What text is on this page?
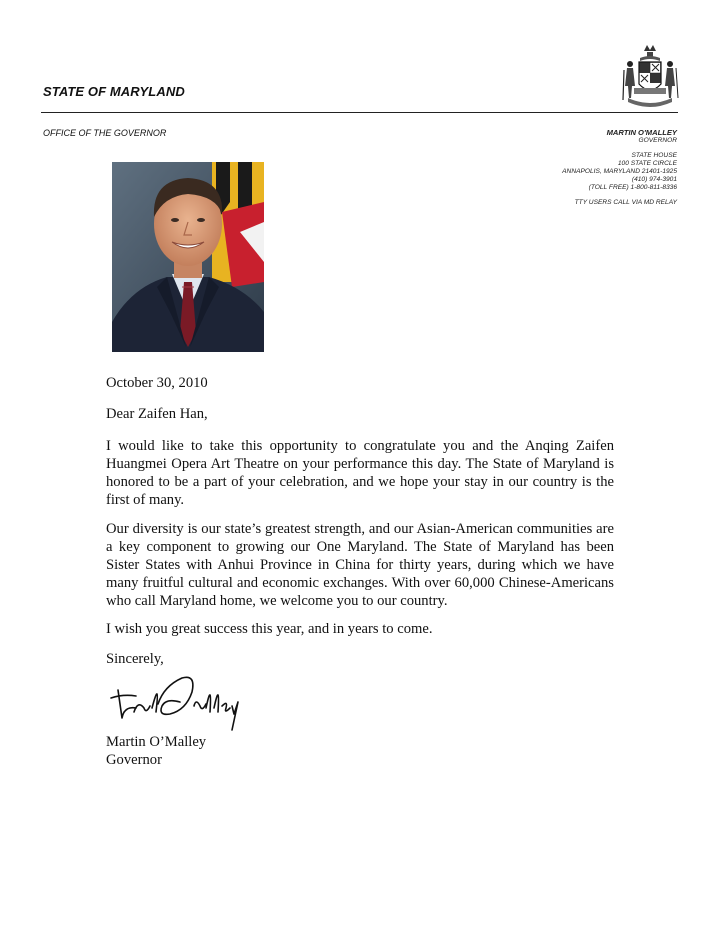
STATE OF MARYLAND
OFFICE OF THE GOVERNOR	MARTIN O'MALLEY
GOVERNOR
STATE HOUSE
100 STATE CIRCLE
ANNAPOLIS, MARYLAND 21401-1925
(410) 974-3901
(TOLL FREE) 1-800-811-8336
TTY USERS CALL VIA MD RELAY
October 30, 2010
Dear Zaifen Han,
I would like to take this opportunity to congratulate you and the Anqing Zaifen Huangmei Opera Art Theatre on your performance this day. The State of Maryland is honored to be a part of your celebration, and we hope your stay in our country is the first of many.
Our diversity is our state’s greatest strength, and our Asian-American communities are a key component to growing our One Maryland. The State of Maryland has been Sister States with Anhui Province in China for thirty years, during which we have many fruitful cultural and economic exchanges. With over 60,000 Chinese-Americans who call Maryland home, we welcome you to our country.
I wish you great success this year, and in years to come.
Sincerely,
Martin O’Malley
Governor
